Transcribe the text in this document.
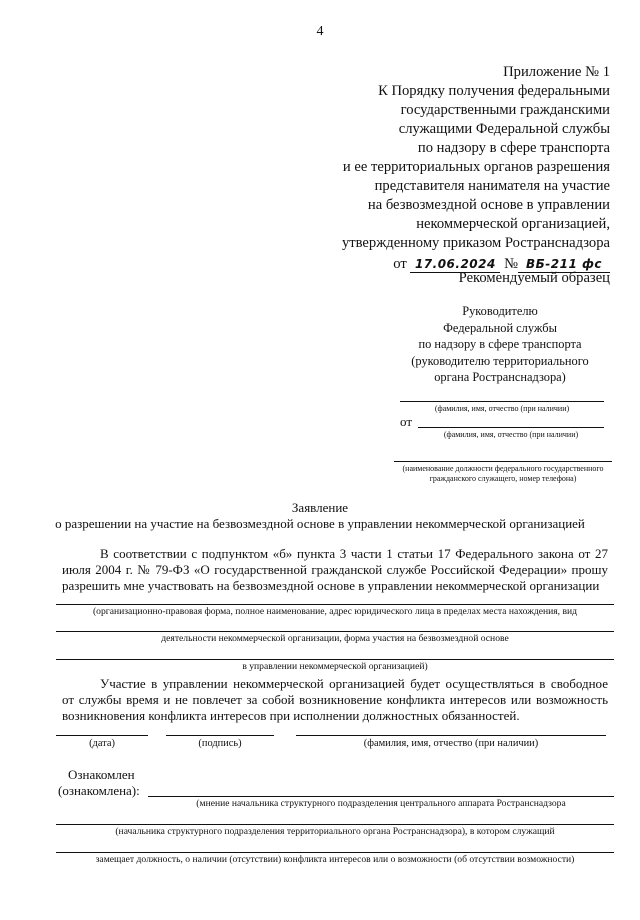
4
Приложение № 1
К Порядку получения федеральными
государственными гражданскими
служащими Федеральной службы
по надзору в сфере транспорта
и ее территориальных органов разрешения
представителя нанимателя на участие
на безвозмездной основе в управлении
некоммерческой организацией,
утвержденному приказом Ространснадзора
от 17.06.2024 № ВБ-211 фс
Рекомендуемый образец
Руководителю
Федеральной службы
по надзору в сфере транспорта
(руководителю территориального
органа Ространснадзора)
(фамилия, имя, отчество (при наличии)
от
(фамилия, имя, отчество (при наличии)
(наименование должности федерального государственного
гражданского служащего, номер телефона)
Заявление
о разрешении на участие на безвозмездной основе в управлении некоммерческой организацией
В соответствии с подпунктом «б» пункта 3 части 1 статьи 17 Федерального закона от 27
июля 2004 г. № 79-ФЗ «О государственной гражданской службе Российской Федерации» прошу
разрешить мне участвовать на безвозмездной основе в управлении некоммерческой организации
(организационно-правовая форма, полное наименование, адрес юридического лица в пределах места нахождения, вид
деятельности некоммерческой организации, форма участия на безвозмездной основе
в управлении некоммерческой организацией)
Участие в управлении некоммерческой организацией будет осуществляться в свободное
от службы время и не повлечет за собой возникновение конфликта интересов или возможность
возникновения конфликта интересов при исполнении должностных обязанностей.
(дата)	(подпись)	(фамилия, имя, отчество (при наличии)
Ознакомлен
(ознакомлена):
(мнение начальника структурного подразделения центрального аппарата Ространснадзора
(начальника структурного подразделения территориального органа Ространснадзора), в котором служащий
замещает должность, о наличии (отсутствии) конфликта интересов или о возможности (об отсутствии возможности)
